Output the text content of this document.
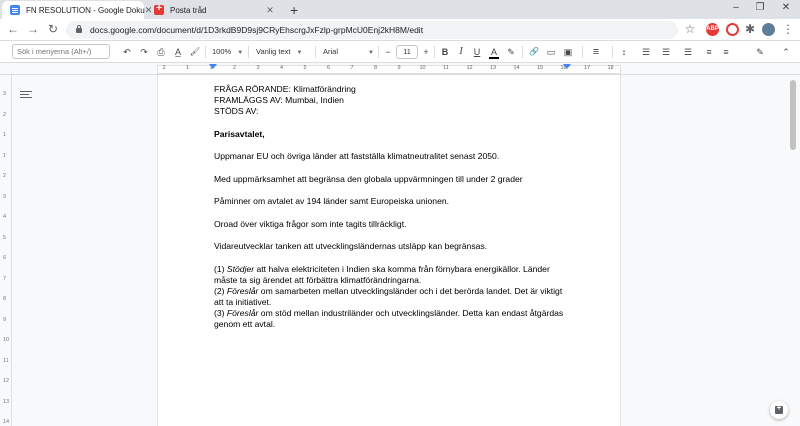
FN RESOLUTION - Google Doku ✕
+ Posta tråd	✕ +	–	❐	✕
← → ↻	docs.google.com/document/d/1D3rkdB9D9sj9CRyEhscrgJxFzlp-grpMcU0Enj2kH8M/edit	☆ ABP ✱ ⋮
Sök i menyerna (Alt+/)
↶ ↷ ⎙	A̲	🖌 100% ▼ Vanlig text ▼	Arial	▼	−	11	+ B	I	U A ✎ 🔗 ▭ ▣ ≡	↕	☰ ☰ ☰	≡	≡	✎ ⌃
2	1	1	2	3	4	5	6	7	8	9	10	11	12	13	14	15	16	17	18
3
2
1
1
2
3
4
5
6
7
8
9
10
11
12
13
14

FRÅGA RÖRANDE: Klimatförändring

FRAMLÄGGS AV: Mumbai, Indien

STÖDS AV:

Parisavtalet,

Uppmanar EU och övriga länder att fastställa klimatneutralitet senast 2050.

Med uppmärksamhet att begränsa den globala uppvärmningen till under 2 grader

Påminner om avtalet av 194 länder samt Europeiska unionen.

Oroad över viktiga frågor som inte tagits tillräckligt.

Vidareutvecklar tanken att utvecklingsländernas utsläpp kan begränsas.

(1) Stödjer att halva elektriciteten i Indien ska komma från förnybara energikällor. Länder måste ta sig ärendet att förbättra klimatförändringarna.

(2) Föreslår om samarbeten mellan utvecklingsländer och i det berörda landet. Det är viktigt att ta initiativet.

(3) Föreslår om stöd mellan industriländer och utvecklingsländer. Detta kan endast åtgärdas genom ett avtal.

+
